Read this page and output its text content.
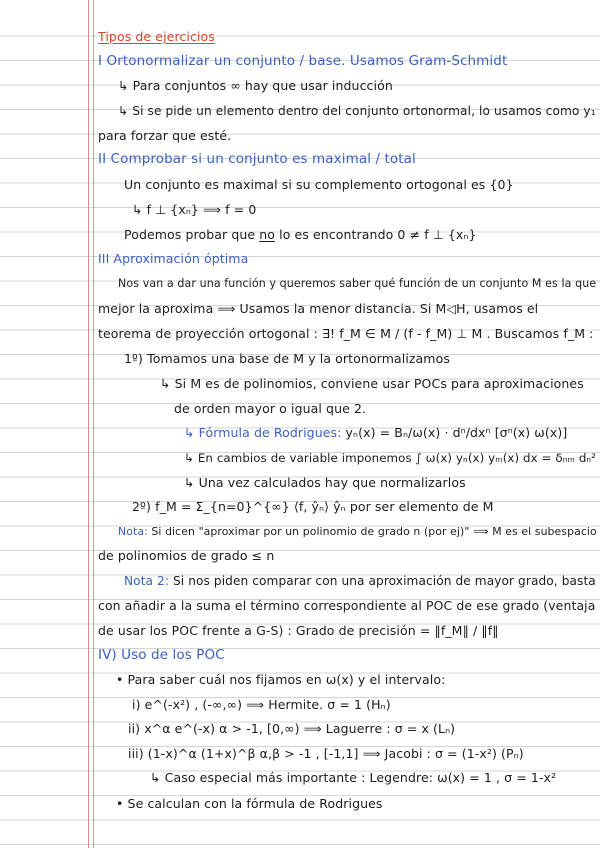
Tipos de ejercicios
I Ortonormalizar un conjunto / base. Usamos Gram-Schmidt
↳ Para conjuntos ∞ hay que usar inducción
↳ Si se pide un elemento dentro del conjunto ortonormal, lo usamos como y₁
para forzar que esté.
II Comprobar si un conjunto es maximal / total
Un conjunto es maximal si su complemento ortogonal es {0}
↳ f ⊥ {xₙ} ⟹ f = 0
Podemos probar que no lo es encontrando 0 ≠ f ⊥ {xₙ}
III Aproximación óptima
Nos van a dar una función y queremos saber qué función de un conjunto M es la que
mejor la aproxima ⟹ Usamos la menor distancia. Si M◁H, usamos el
teorema de proyección ortogonal : ∃! f_M ∈ M / (f - f_M) ⊥ M . Buscamos f_M :
1º) Tomamos una base de M y la ortonormalizamos
↳ Si M es de polinomios, conviene usar POCs para aproximaciones
de orden mayor o igual que 2.
↳ Fórmula de Rodrigues: yₙ(x) = Bₙ/ω(x) · dⁿ/dxⁿ [σⁿ(x) ω(x)]
↳ En cambios de variable imponemos ∫ ω(x) yₙ(x) yₘ(x) dx = δₙₘ dₙ²
↳ Una vez calculados hay que normalizarlos
2º) f_M = Σ_{n=0}^{∞} ⟨f, ŷₙ⟩ ŷₙ por ser elemento de M
Nota: Si dicen "aproximar por un polinomio de grado n (por ej)" ⟹ M es el subespacio
de polinomios de grado ≤ n
Nota 2: Si nos piden comparar con una aproximación de mayor grado, basta
con añadir a la suma el término correspondiente al POC de ese grado (ventaja
de usar los POC frente a G-S) : Grado de precisión = ‖f_M‖ / ‖f‖
IV) Uso de los POC
• Para saber cuál nos fijamos en ω(x) y el intervalo:
i) e^(-x²) , (-∞,∞) ⟹ Hermite. σ = 1 (Hₙ)
ii) x^α e^(-x) α > -1, [0,∞) ⟹ Laguerre : σ = x (Lₙ)
iii) (1-x)^α (1+x)^β α,β > -1 , [-1,1] ⟹ Jacobi : σ = (1-x²) (Pₙ)
↳ Caso especial más importante : Legendre: ω(x) = 1 , σ = 1-x²
• Se calculan con la fórmula de Rodrigues
